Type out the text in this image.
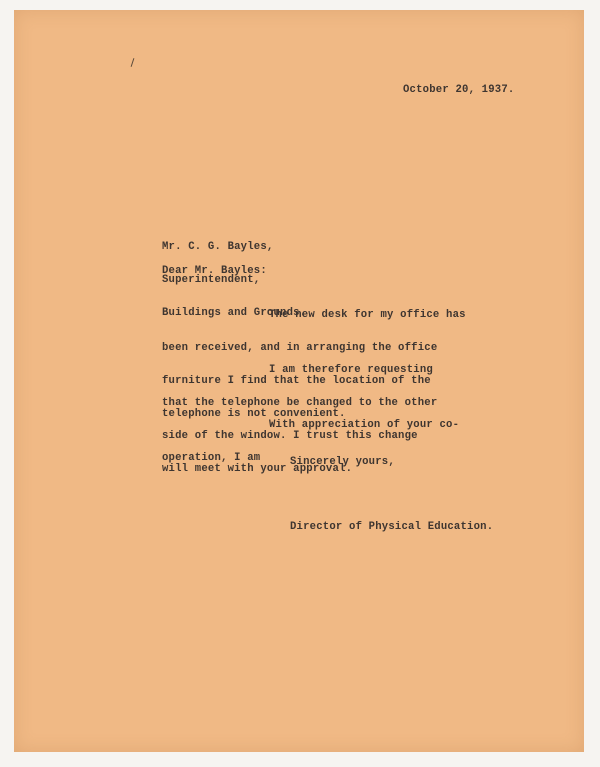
October 20, 1937.

Mr. C. G. Bayles,

Superintendent,

Buildings and Grounds.

Dear Mr. Bayles:

The new desk for my office has

been received, and in arranging the office

furniture I find that the location of the

telephone is not convenient.

I am therefore requesting

that the telephone be changed to the other

side of the window. I trust this change

will meet with your approval.

With appreciation of your co-

operation, I am

	Sincerely yours,

Director of Physical Education.
